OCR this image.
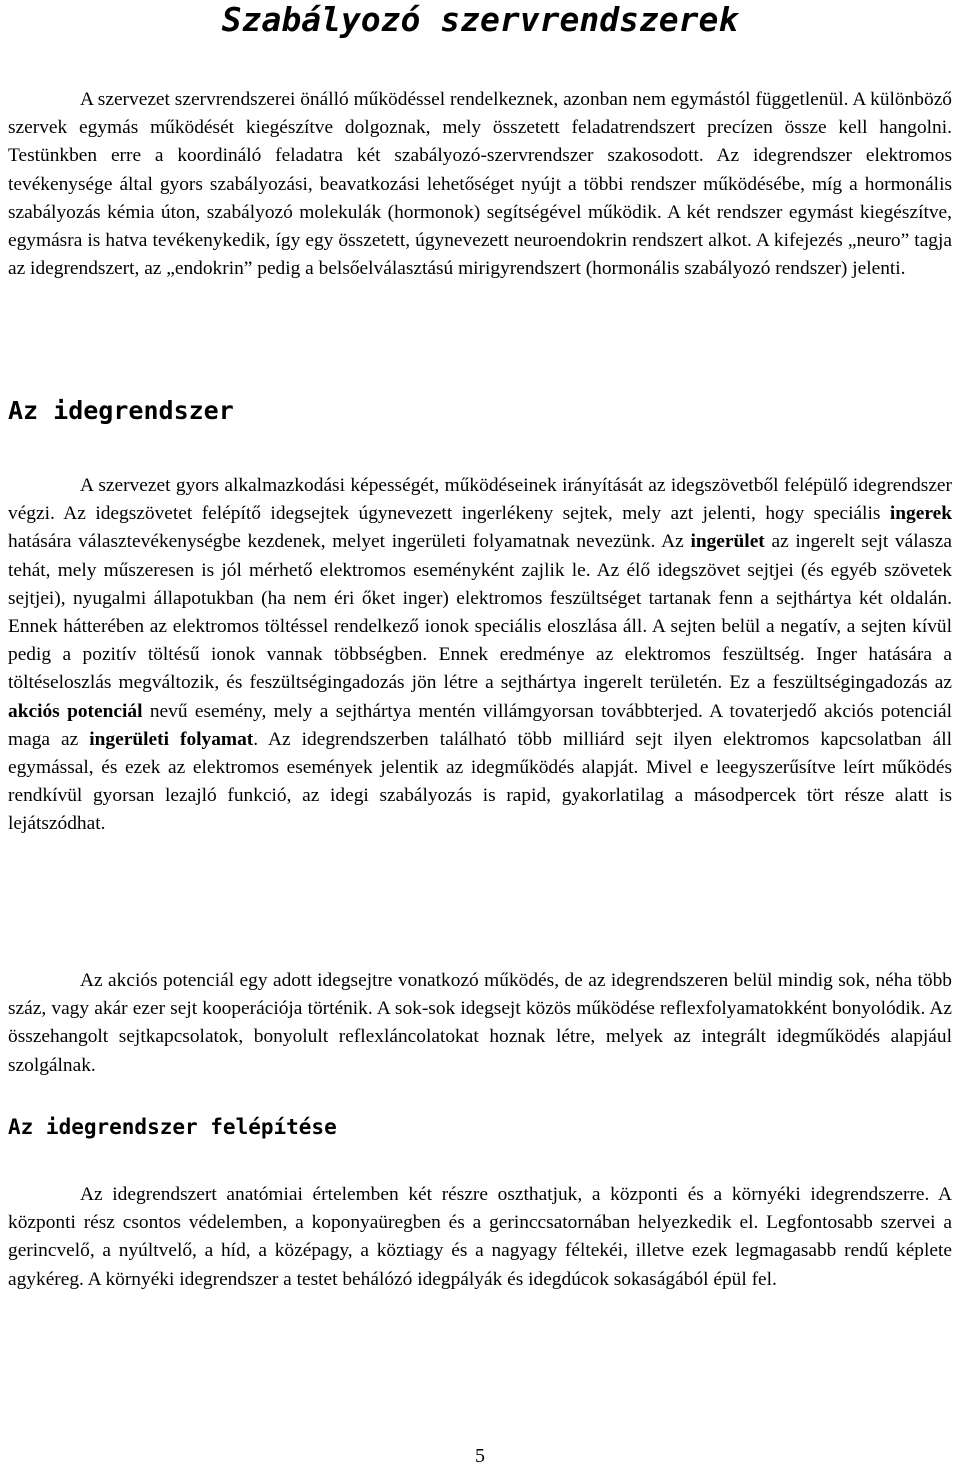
Szabályozó szervrendszerek

A szervezet szervrendszerei önálló működéssel rendelkeznek, azonban nem egymástól függetlenül. A különböző szervek egymás működését kiegészítve dolgoznak, mely összetett feladatrendszert precízen össze kell hangolni. Testünkben erre a koordináló feladatra két szabályozó-szervrendszer szakosodott. Az idegrendszer elektromos tevékenysége által gyors szabályozási, beavatkozási lehetőséget nyújt a többi rendszer működésébe, míg a hormonális szabályozás kémia úton, szabályozó molekulák (hormonok) segítségével működik. A két rendszer egymást kiegészítve, egymásra is hatva tevékenykedik, így egy összetett, úgynevezett neuroendokrin rendszert alkot. A kifejezés „neuro” tagja az idegrendszert, az „endokrin” pedig a belsőelválasztású mirigyrendszert (hormonális szabályozó rendszer) jelenti.

Az idegrendszer

A szervezet gyors alkalmazkodási képességét, működéseinek irányítását az idegszövetből felépülő idegrendszer végzi. Az idegszövetet felépítő idegsejtek úgynevezett ingerlékeny sejtek, mely azt jelenti, hogy speciális ingerek hatására választevékenységbe kezdenek, melyet ingerületi folyamatnak nevezünk. Az ingerület az ingerelt sejt válasza tehát, mely műszeresen is jól mérhető elektromos eseményként zajlik le. Az élő idegszövet sejtjei (és egyéb szövetek sejtjei), nyugalmi állapotukban (ha nem éri őket inger) elektromos feszültséget tartanak fenn a sejthártya két oldalán. Ennek hátterében az elektromos töltéssel rendelkező ionok speciális eloszlása áll. A sejten belül a negatív, a sejten kívül pedig a pozitív töltésű ionok vannak többségben. Ennek eredménye az elektromos feszültség. Inger hatására a töltéseloszlás megváltozik, és feszültségingadozás jön létre a sejthártya ingerelt területén. Ez a feszültségingadozás az akciós potenciál nevű esemény, mely a sejthártya mentén villámgyorsan továbbterjed. A tovaterjedő akciós potenciál maga az ingerületi folyamat. Az idegrendszerben található több milliárd sejt ilyen elektromos kapcsolatban áll egymással, és ezek az elektromos események jelentik az idegműködés alapját. Mivel e leegyszerűsítve leírt működés rendkívül gyorsan lezajló funkció, az idegi szabályozás is rapid, gyakorlatilag a másodpercek tört része alatt is lejátszódhat.

Az akciós potenciál egy adott idegsejtre vonatkozó működés, de az idegrendszeren belül mindig sok, néha több száz, vagy akár ezer sejt kooperációja történik. A sok-sok idegsejt közös működése reflexfolyamatokként bonyolódik. Az összehangolt sejtkapcsolatok, bonyolult reflexláncolatokat hoznak létre, melyek az integrált idegműködés alapjául szolgálnak.

Az idegrendszer felépítése

Az idegrendszert anatómiai értelemben két részre oszthatjuk, a központi és a környéki idegrendszerre. A központi rész csontos védelemben, a koponyaüregben és a gerinccsatornában helyezkedik el. Legfontosabb szervei a gerincvelő, a nyúltvelő, a híd, a középagy, a köztiagy és a nagyagy féltekéi, illetve ezek legmagasabb rendű képlete agykéreg. A környéki idegrendszer a testet behálózó idegpályák és idegdúcok sokaságából épül fel.

5
